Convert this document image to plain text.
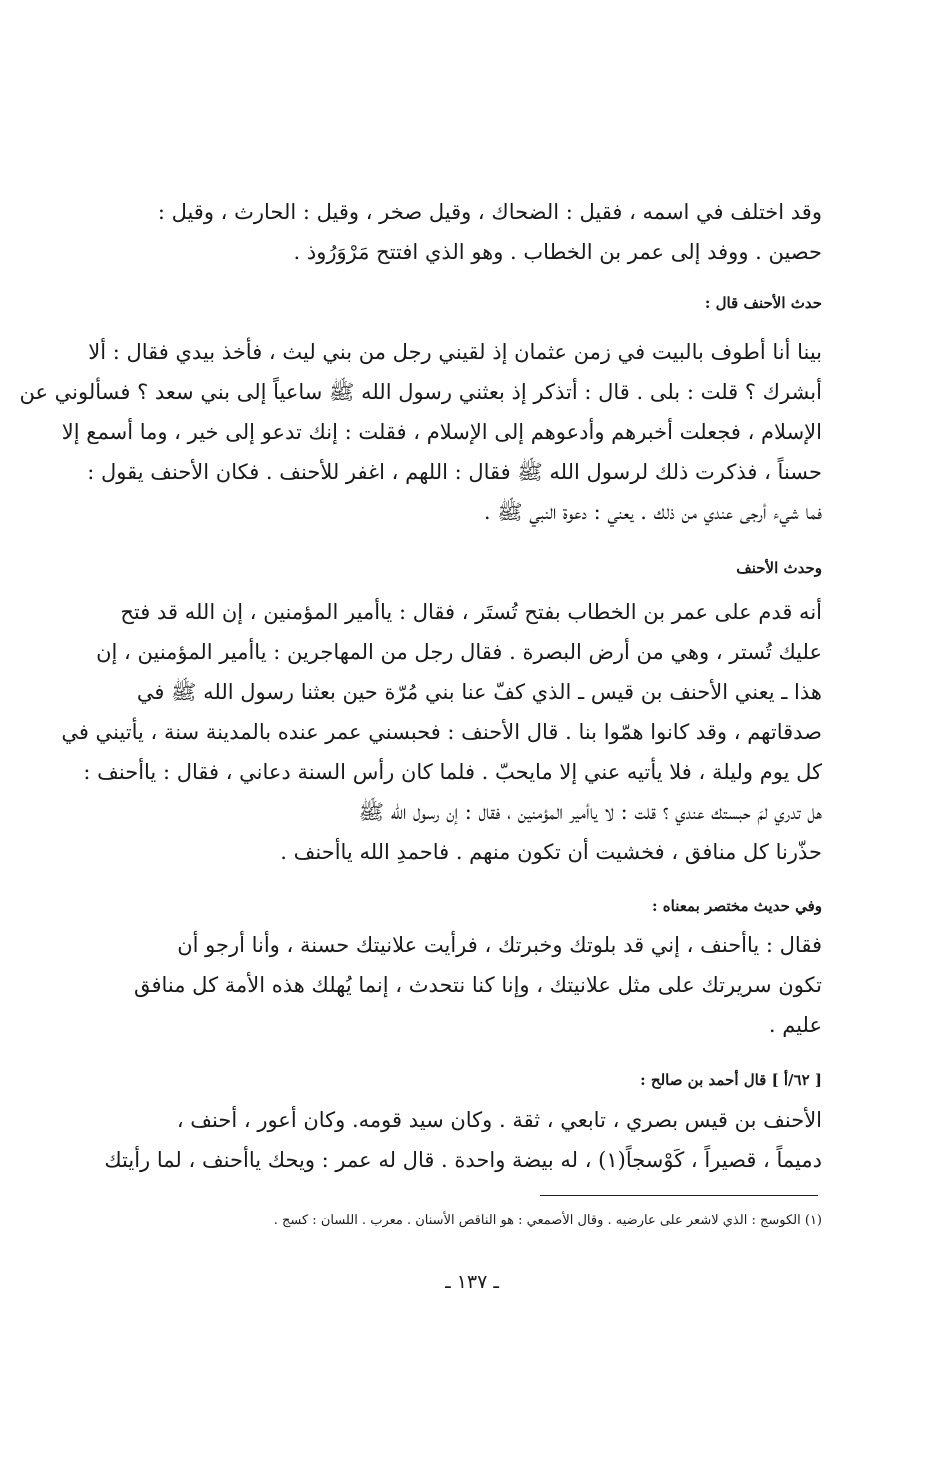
وقد اختلف في اسمه ، فقيل : الضحاك ، وقيل صخر ، وقيل : الحارث ، وقيل :
حصين . ووفد إلى عمر بن الخطاب . وهو الذي افتتح مَرْوَرُوذ .
حدث الأحنف قال :
بينا أنا أطوف بالبيت في زمن عثمان إذ لقيني رجل من بني ليث ، فأخذ بيدي فقال : ألا
أبشرك ؟ قلت : بلى . قال : أتذكر إذ بعثني رسول الله ﷺ ساعياً إلى بني سعد ؟ فسألوني عن
الإسلام ، فجعلت أخبرهم وأدعوهم إلى الإسلام ، فقلت : إنك تدعو إلى خير ، وما أسمع إلا
حسناً ، فذكرت ذلك لرسول الله ﷺ فقال : اللهم ، اغفر للأحنف . فكان الأحنف يقول :
فما شيء أرجى عندي من ذلك . يعني : دعوة النبي ﷺ .
وحدث الأحنف
أنه قدم على عمر بن الخطاب بفتح تُستَر ، فقال : ياأمير المؤمنين ، إن الله قد فتح
عليك تُستر ، وهي من أرض البصرة . فقال رجل من المهاجرين : ياأمير المؤمنين ، إن
هذا ـ يعني الأحنف بن قيس ـ الذي كفّ عنا بني مُرّة حين بعثنا رسول الله ﷺ في
صدقاتهم ، وقد كانوا همّوا بنا . قال الأحنف : فحبسني عمر عنده بالمدينة سنة ، يأتيني في
كل يوم وليلة ، فلا يأتيه عني إلا مايحبّ . فلما كان رأس السنة دعاني ، فقال : ياأحنف :
هل تدري لمَ حبستك عندي ؟ قلت : لا ياأمير المؤمنين ، فقال : إن رسول الله ﷺ
حذّرنا كل منافق ، فخشيت أن تكون منهم . فاحمدِ الله ياأحنف .
وفي حديث مختصر بمعناه :
فقال : ياأحنف ، إني قد بلوتك وخبرتك ، فرأيت علانيتك حسنة ، وأنا أرجو أن
تكون سريرتك على مثل علانيتك ، وإنا كنا نتحدث ، إنما يُهلك هذه الأمة كل منافق
عليم .
[ ٦٢/أ ] قال أحمد بن صالح :
الأحنف بن قيس بصري ، تابعي ، ثقة . وكان سيد قومه. وكان أعور ، أحنف ،
دميماً ، قصيراً ، كَوْسجاً(١) ، له بيضة واحدة . قال له عمر : ويحك ياأحنف ، لما رأيتك
(١) الكوسج : الذي لاشعر على عارضيه . وقال الأصمعي : هو الناقص الأسنان . معرب . اللسان : كسج .
ـ ١٣٧ ـ
